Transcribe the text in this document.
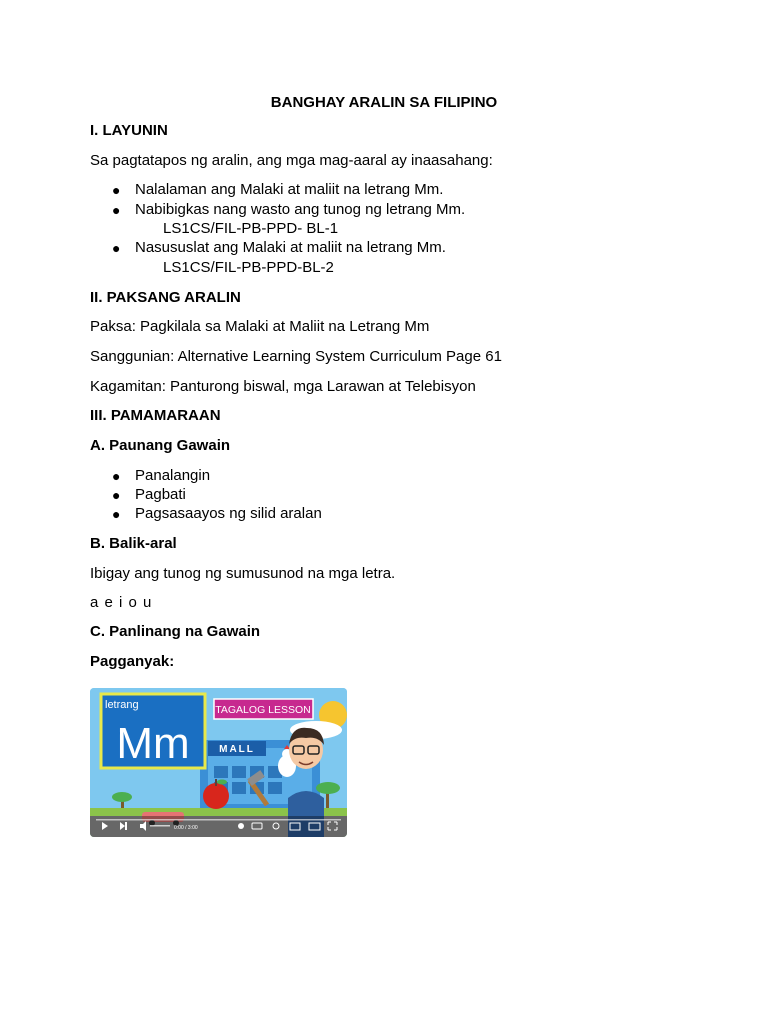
BANGHAY ARALIN SA FILIPINO
I. LAYUNIN
Sa pagtatapos ng aralin, ang mga mag-aaral ay inaasahang:
● Nalalaman ang Malaki at maliit na letrang Mm.
● Nabibigkas nang wasto ang tunog ng letrang Mm.
LS1CS/FIL-PB-PPD- BL-1
● Nasususlat ang Malaki at maliit na letrang Mm.
LS1CS/FIL-PB-PPD-BL-2
II. PAKSANG ARALIN
Paksa: Pagkilala sa Malaki at Maliit na Letrang Mm
Sanggunian: Alternative Learning System Curriculum Page 61
Kagamitan: Panturong biswal, mga Larawan at Telebisyon
III. PAMAMARAAN
A. Paunang Gawain
● Panalangin
● Pagbati
● Pagsasaayos ng silid aralan
B. Balik-aral
Ibigay ang tunog ng sumusunod na mga letra.
a e i o u
C. Panlinang na Gawain
Pagganyak:
MALL
TAGALOG LESSON
letrang
Mm
0:00 / 3:00
